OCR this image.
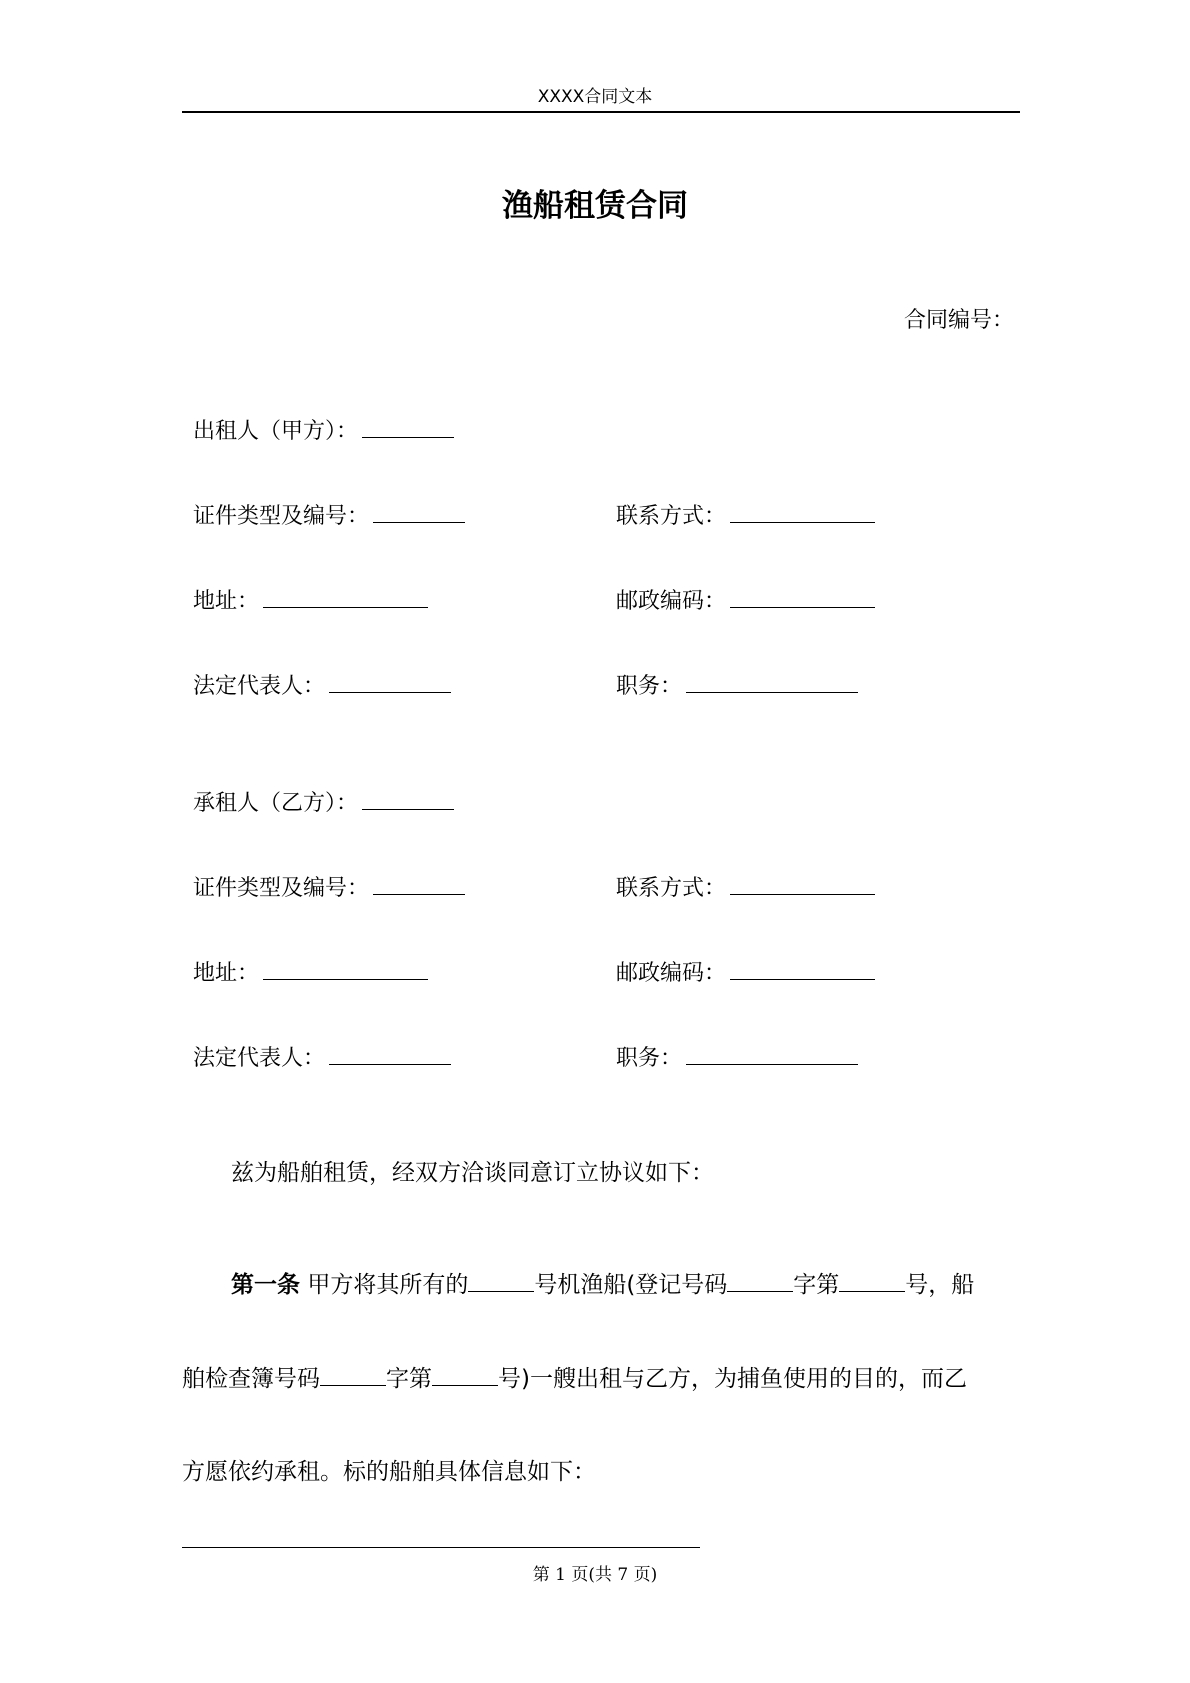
XXXX合同文本
渔船租赁合同
合同编号：
出租人（甲方）：
证件类型及编号：	联系方式：
地址：	邮政编码：
法定代表人：	职务：
承租人（乙方）：
证件类型及编号：	联系方式：
地址：	邮政编码：
法定代表人：	职务：
兹为船舶租赁，经双方洽谈同意订立协议如下：
第一条 甲方将其所有的	号机渔船(登记号码	字第	号，船
舶检查簿号码	字第	号)一艘出租与乙方，为捕鱼使用的目的，而乙
方愿依约承租。标的船舶具体信息如下：
第 1 页(共 7 页)
